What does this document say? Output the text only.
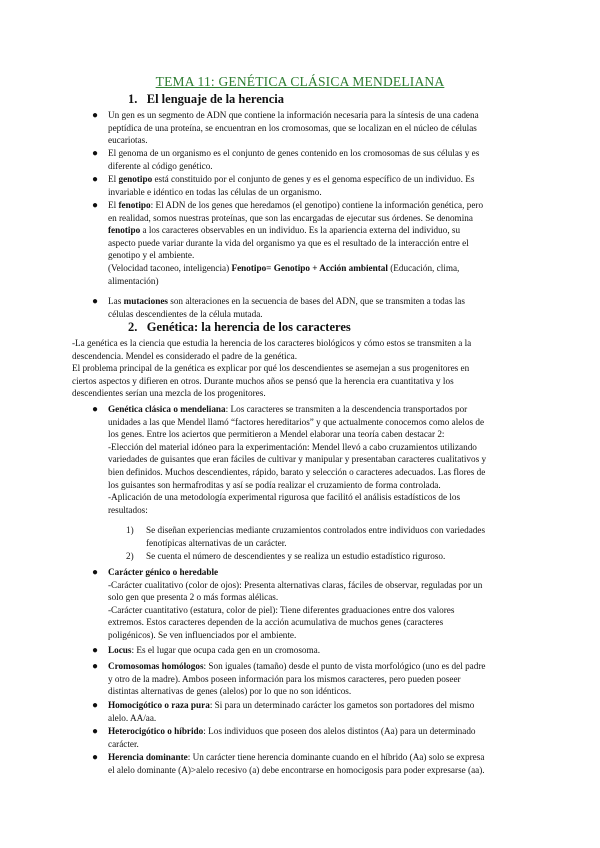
TEMA 11: GENÉTICA CLÁSICA MENDELIANA
1. El lenguaje de la herencia
● Un gen es un segmento de ADN que contiene la información necesaria para la síntesis de una cadena
peptídica de una proteína, se encuentran en los cromosomas, que se localizan en el núcleo de células
eucariotas.
● El genoma de un organismo es el conjunto de genes contenido en los cromosomas de sus células y es
diferente al código genético.
● El genotipo está constituido por el conjunto de genes y es el genoma específico de un individuo. Es
invariable e idéntico en todas las células de un organismo.
● El fenotipo: El ADN de los genes que heredamos (el genotipo) contiene la información genética, pero
en realidad, somos nuestras proteínas, que son las encargadas de ejecutar sus órdenes. Se denomina
fenotipo a los caracteres observables en un individuo. Es la apariencia externa del individuo, su
aspecto puede variar durante la vida del organismo ya que es el resultado de la interacción entre el
genotipo y el ambiente.
(Velocidad taconeo, inteligencia) Fenotipo= Genotipo + Acción ambiental (Educación, clima,
alimentación)
● Las mutaciones son alteraciones en la secuencia de bases del ADN, que se transmiten a todas las
células descendientes de la célula mutada.
2. Genética: la herencia de los caracteres
-La genética es la ciencia que estudia la herencia de los caracteres biológicos y cómo estos se transmiten a la
descendencia. Mendel es considerado el padre de la genética.
El problema principal de la genética es explicar por qué los descendientes se asemejan a sus progenitores en
ciertos aspectos y difieren en otros. Durante muchos años se pensó que la herencia era cuantitativa y los
descendientes serían una mezcla de los progenitores.
● Genética clásica o mendeliana: Los caracteres se transmiten a la descendencia transportados por
unidades a las que Mendel llamó “factores hereditarios” y que actualmente conocemos como alelos de
los genes. Entre los aciertos que permitieron a Mendel elaborar una teoría caben destacar 2:
-Elección del material idóneo para la experimentación: Mendel llevó a cabo cruzamientos utilizando
variedades de guisantes que eran fáciles de cultivar y manipular y presentaban caracteres cualitativos y
bien definidos. Muchos descendientes, rápido, barato y selección o caracteres adecuados. Las flores de
los guisantes son hermafroditas y así se podía realizar el cruzamiento de forma controlada.
-Aplicación de una metodología experimental rigurosa que facilitó el análisis estadísticos de los
resultados:
1) Se diseñan experiencias mediante cruzamientos controlados entre individuos con variedades
fenotípicas alternativas de un carácter.
2) Se cuenta el número de descendientes y se realiza un estudio estadístico riguroso.
● Carácter génico o heredable
-Carácter cualitativo (color de ojos): Presenta alternativas claras, fáciles de observar, reguladas por un
solo gen que presenta 2 o más formas alélicas.
-Carácter cuantitativo (estatura, color de piel): Tiene diferentes graduaciones entre dos valores
extremos. Estos caracteres dependen de la acción acumulativa de muchos genes (caracteres
poligénicos). Se ven influenciados por el ambiente.
● Locus: Es el lugar que ocupa cada gen en un cromosoma.
● Cromosomas homólogos: Son iguales (tamaño) desde el punto de vista morfológico (uno es del padre
y otro de la madre). Ambos poseen información para los mismos caracteres, pero pueden poseer
distintas alternativas de genes (alelos) por lo que no son idénticos.
● Homocigótico o raza pura: Si para un determinado carácter los gametos son portadores del mismo
alelo. AA/aa.
● Heterocigótico o híbrido: Los individuos que poseen dos alelos distintos (Aa) para un determinado
carácter.
● Herencia dominante: Un carácter tiene herencia dominante cuando en el híbrido (Aa) solo se expresa
el alelo dominante (A)>alelo recesivo (a) debe encontrarse en homocigosis para poder expresarse (aa).
